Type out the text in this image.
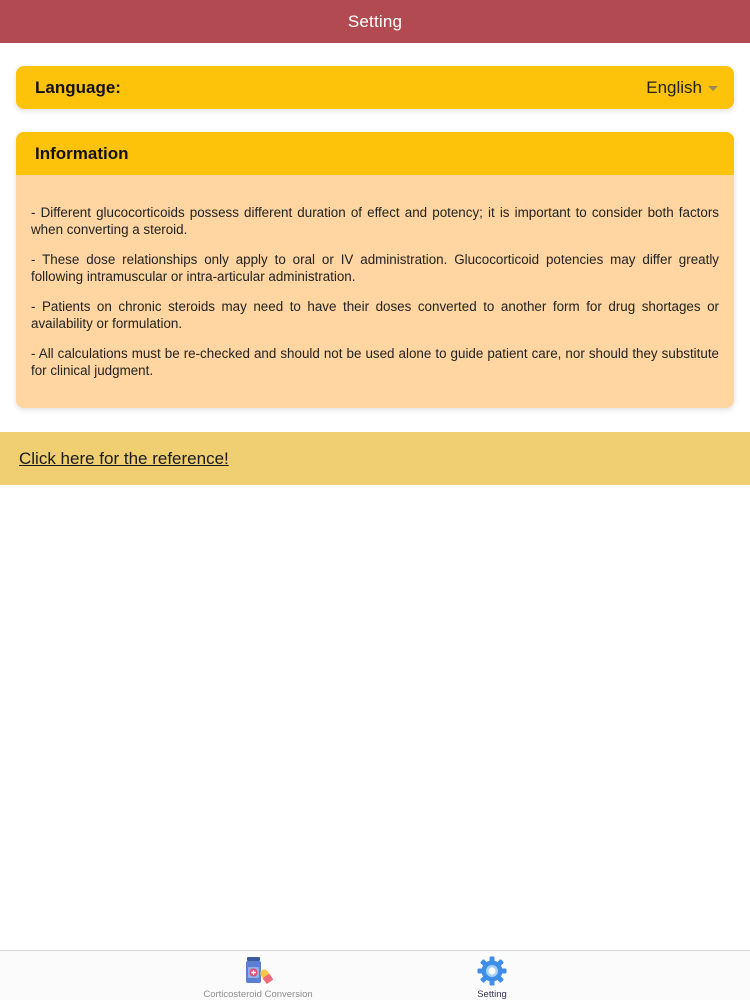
Setting
Language:	English
Information

- Different glucocorticoids possess different duration of effect and potency; it is important to consider both factors when converting a steroid.

- These dose relationships only apply to oral or IV administration. Glucocorticoid potencies may differ greatly following intramuscular or intra-articular administration.

- Patients on chronic steroids may need to have their doses converted to another form for drug shortages or availability or formulation.

- All calculations must be re-checked and should not be used alone to guide patient care, nor should they substitute for clinical judgment.

Click here for the reference!
Corticosteroid Conversion	Setting
